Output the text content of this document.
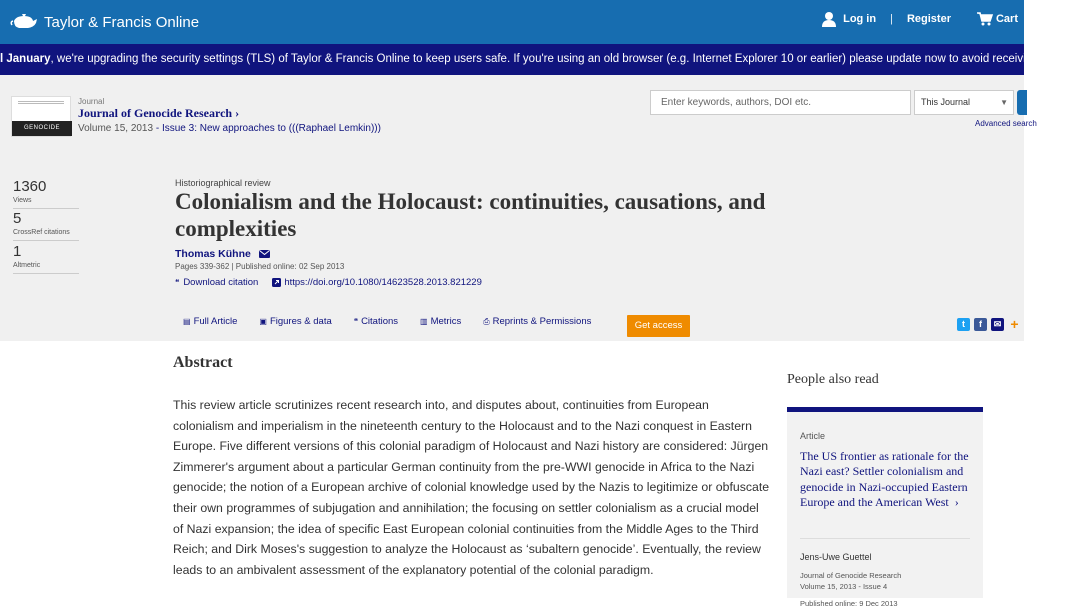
Taylor & Francis Online	Log in | Register	Cart
l January, we're upgrading the security settings (TLS) of Taylor & Francis Online to keep users safe. If you're using an old browser (e.g. Internet Explorer 10 or earlier) please update now to avoid receiving error
GENOCIDE
Journal
Journal of Genocide Research ›
Volume 15, 2013 - Issue 3: New approaches to (((Raphael Lemkin)))
Enter keywords, authors, DOI etc.	This Journal	▼
Advanced search
1360
Views
5
CrossRef citations
1
Altmetric
Historiographical review
Colonialism and the Holocaust: continuities, causations, and complexities
Thomas Kühne
Pages 339-362 | Published online: 02 Sep 2013
❝ Download citation	https://doi.org/10.1080/14623528.2013.821229
▤ Full Article	▣ Figures & data	❝ Citations	▥ Metrics	⎙ Reprints & Permissions	Get access	t	f	✉ +
Abstract
This review article scrutinizes recent research into, and disputes about, continuities from European colonialism and imperialism in the nineteenth century to the Holocaust and to the Nazi conquest in Eastern Europe. Five different versions of this colonial paradigm of Holocaust and Nazi history are considered: Jürgen Zimmerer's argument about a particular German continuity from the pre-WWI genocide in Africa to the Nazi genocide; the notion of a European archive of colonial knowledge used by the Nazis to legitimize or obfuscate their own programmes of subjugation and annihilation; the focusing on settler colonialism as a crucial model of Nazi expansion; the idea of specific East European colonial continuities from the Middle Ages to the Third Reich; and Dirk Moses's suggestion to analyze the Holocaust as ‘subaltern genocide’. Eventually, the review leads to an ambivalent assessment of the explanatory potential of the colonial paradigm.
People also read
Article
The US frontier as rationale for the Nazi east? Settler colonialism and genocide in Nazi-occupied Eastern Europe and the American West ›
Jens-Uwe Guettel
Journal of Genocide Research
Volume 15, 2013 - Issue 4
Published online: 9 Dec 2013
